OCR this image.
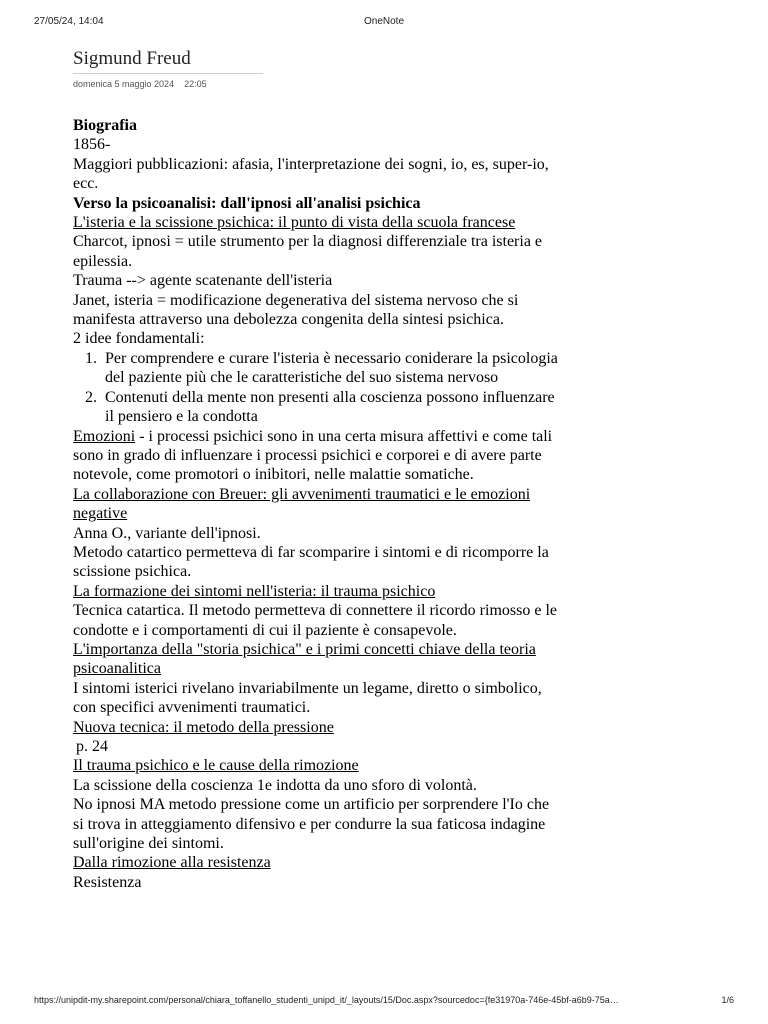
27/05/24, 14:04	OneNote
Sigmund Freud
domenica 5 maggio 2024 22:05

Biografia

1856-

Maggiori pubblicazioni: afasia, l'interpretazione dei sogni, io, es, super-io, ecc.

Verso la psicoanalisi: dall'ipnosi all'analisi psichica

L'isteria e la scissione psichica: il punto di vista della scuola francese

Charcot, ipnosi = utile strumento per la diagnosi differenziale tra isteria e epilessia.

Trauma --> agente scatenante dell'isteria

Janet, isteria = modificazione degenerativa del sistema nervoso che si manifesta attraverso una debolezza congenita della sintesi psichica.

2 idee fondamentali:

1. Per comprendere e curare l'isteria è necessario coniderare la psicologia del paziente più che le caratteristiche del suo sistema nervoso
2. Contenuti della mente non presenti alla coscienza possono influenzare il pensiero e la condotta

Emozioni - i processi psichici sono in una certa misura affettivi e come tali sono in grado di influenzare i processi psichici e corporei e di avere parte notevole, come promotori o inibitori, nelle malattie somatiche.

La collaborazione con Breuer: gli avvenimenti traumatici e le emozioni negative

Anna O., variante dell'ipnosi.

Metodo catartico permetteva di far scomparire i sintomi e di ricomporre la scissione psichica.

La formazione dei sintomi nell'isteria: il trauma psichico

Tecnica catartica. Il metodo permetteva di connettere il ricordo rimosso e le condotte e i comportamenti di cui il paziente è consapevole.

L'importanza della "storia psichica" e i primi concetti chiave della teoria psicoanalitica

I sintomi isterici rivelano invariabilmente un legame, diretto o simbolico, con specifici avvenimenti traumatici.

Nuova tecnica: il metodo della pressione

p. 24

Il trauma psichico e le cause della rimozione

La scissione della coscienza 1e indotta da uno sforo di volontà.

No ipnosi MA metodo pressione come un artificio per sorprendere l'Io che si trova in atteggiamento difensivo e per condurre la sua faticosa indagine sull'origine dei sintomi.

Dalla rimozione alla resistenza

Resistenza

https://unipdit-my.sharepoint.com/personal/chiara_toffanello_studenti_unipd_it/_layouts/15/Doc.aspx?sourcedoc={fe31970a-746e-45bf-a6b9-75a…	1/6
